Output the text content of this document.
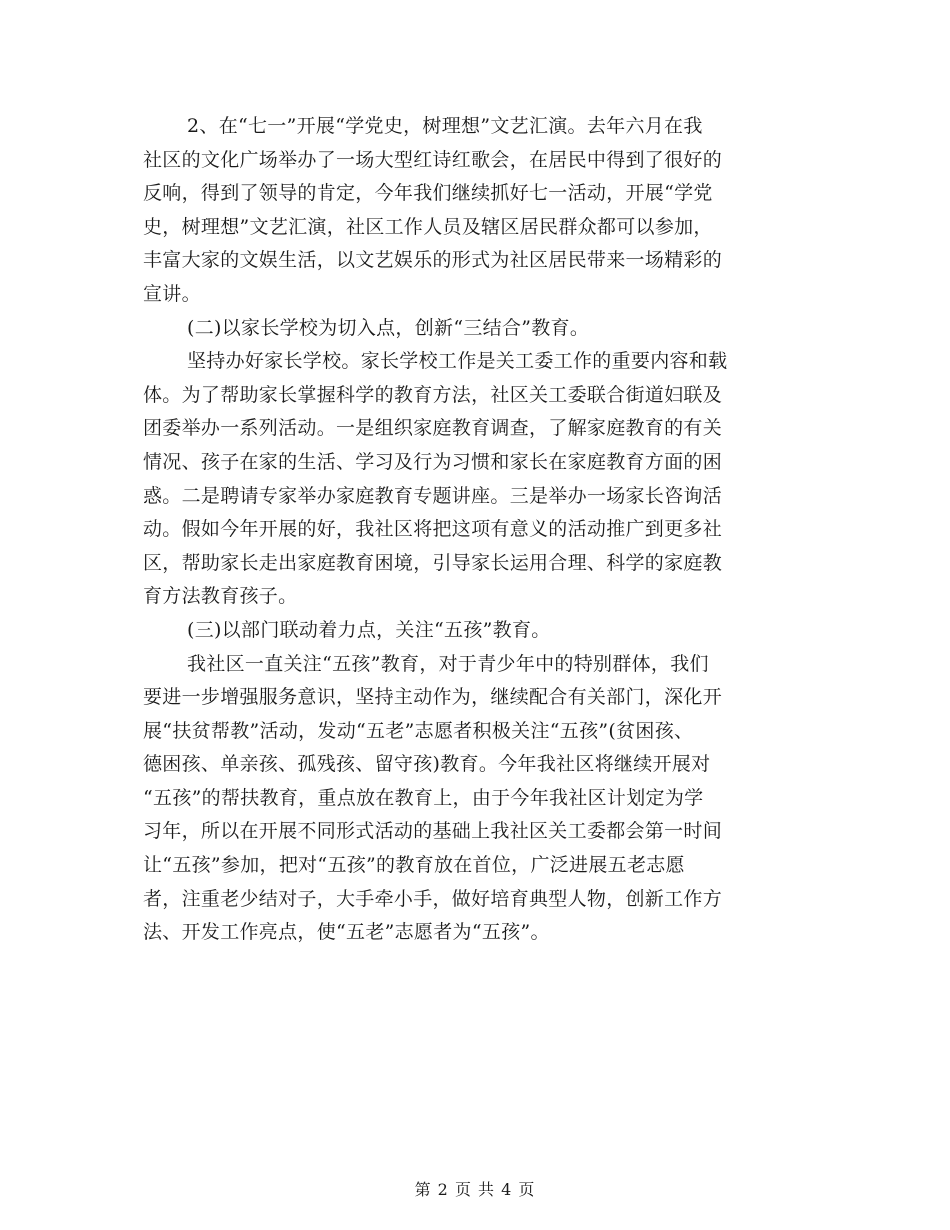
2、在“七一”开展“学党史，树理想”文艺汇演。去年六月在我
社区的文化广场举办了一场大型红诗红歌会，在居民中得到了很好的
反响，得到了领导的肯定，今年我们继续抓好七一活动，开展“学党
史，树理想”文艺汇演，社区工作人员及辖区居民群众都可以参加，
丰富大家的文娱生活，以文艺娱乐的形式为社区居民带来一场精彩的
宣讲。
(二)以家长学校为切入点，创新“三结合”教育。
坚持办好家长学校。家长学校工作是关工委工作的重要内容和载
体。为了帮助家长掌握科学的教育方法，社区关工委联合街道妇联及
团委举办一系列活动。一是组织家庭教育调查，了解家庭教育的有关
情况、孩子在家的生活、学习及行为习惯和家长在家庭教育方面的困
惑。二是聘请专家举办家庭教育专题讲座。三是举办一场家长咨询活
动。假如今年开展的好，我社区将把这项有意义的活动推广到更多社
区，帮助家长走出家庭教育困境，引导家长运用合理、科学的家庭教
育方法教育孩子。
(三)以部门联动着力点，关注“五孩”教育。
我社区一直关注“五孩”教育，对于青少年中的特别群体，我们
要进一步增强服务意识，坚持主动作为，继续配合有关部门，深化开
展“扶贫帮教”活动，发动“五老”志愿者积极关注“五孩”(贫困孩、
德困孩、单亲孩、孤残孩、留守孩)教育。今年我社区将继续开展对
“五孩”的帮扶教育，重点放在教育上，由于今年我社区计划定为学
习年，所以在开展不同形式活动的基础上我社区关工委都会第一时间
让“五孩”参加，把对“五孩”的教育放在首位，广泛进展五老志愿
者，注重老少结对子，大手牵小手，做好培育典型人物，创新工作方
法、开发工作亮点，使“五老”志愿者为“五孩”。
第 2 页 共 4 页
